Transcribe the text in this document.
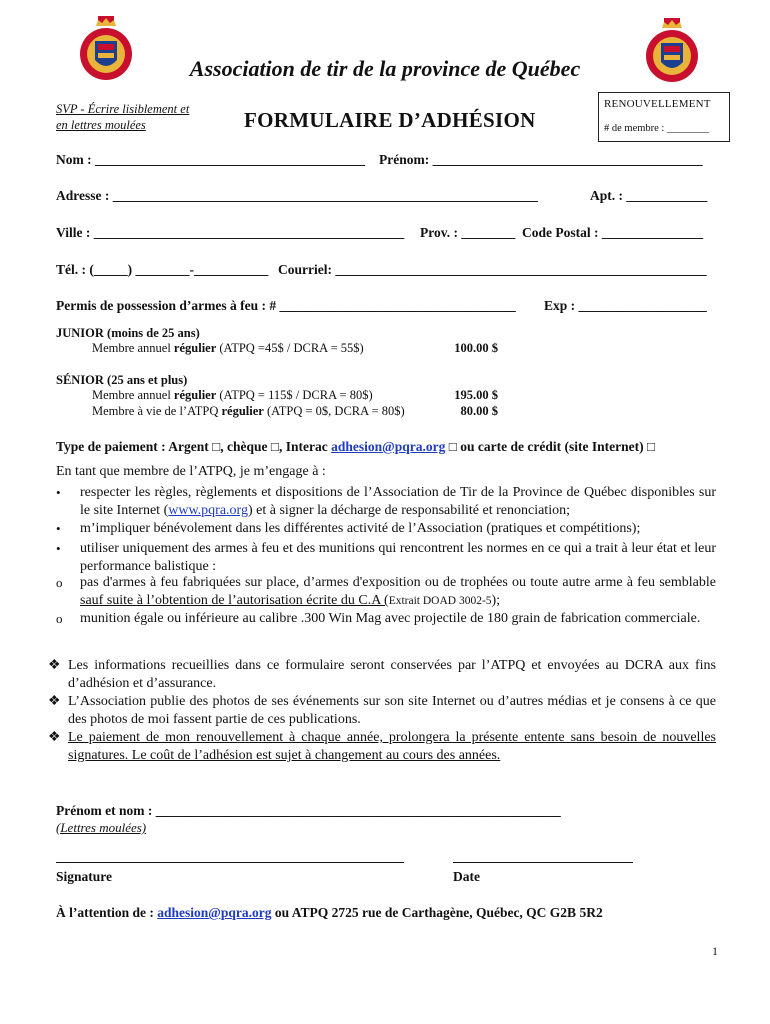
Association de tir de la province de Québec
SVP - Écrire lisiblement et
en lettres moulées	FORMULAIRE D’ADHÉSION
RENOUVELLEMENT
# de membre : ________
Nom : ________________________________________ Prénom: ________________________________________
Adresse : _______________________________________________________________	Apt. : ____________
Ville : ______________________________________________ Prov. : ________ Code Postal : _______________
Tél. : (_____) ________-___________ Courriel: _______________________________________________________
Permis de possession d’armes à feu : # ___________________________________ Exp : ___________________
JUNIOR (moins de 25 ans)
Membre annuel régulier (ATPQ =45$ / DCRA = 55$)	100.00 $
SÉNIOR (25 ans et plus)
Membre annuel régulier (ATPQ = 115$ / DCRA = 80$)	195.00 $
Membre à vie de l’ATPQ régulier (ATPQ = 0$, DCRA = 80$)	80.00 $
Type de paiement : Argent □, chèque □, Interac adhesion@pqra.org □ ou carte de crédit (site Internet) □
En tant que membre de l’ATPQ, je m’engage à :
•	respecter les règles, règlements et dispositions de l’Association de Tir de la Province de Québec disponibles sur le site Internet (www.pqra.org) et à signer la décharge de responsabilité et renonciation;
•	m’impliquer bénévolement dans les différentes activité de l’Association (pratiques et compétitions);
•	utiliser uniquement des armes à feu et des munitions qui rencontrent les normes en ce qui a trait à leur état et leur performance balistique :
o	pas d'armes à feu fabriquées sur place, d’armes d'exposition ou de trophées ou toute autre arme à feu semblable sauf suite à l’obtention de l’autorisation écrite du C.A (Extrait DOAD 3002-5);
o	munition égale ou inférieure au calibre .300 Win Mag avec projectile de 180 grain de fabrication commerciale.
❖ Les informations recueillies dans ce formulaire seront conservées par l’ATPQ et envoyées au DCRA aux fins d’adhésion et d’assurance.
❖ L’Association publie des photos de ses événements sur son site Internet ou d’autres médias et je consens à ce que des photos de moi fassent partie de ces publications.
❖ Le paiement de mon renouvellement à chaque année, prolongera la présente entente sans besoin de nouvelles signatures. Le coût de l’adhésion est sujet à changement au cours des années.
Prénom et nom : ____________________________________________________________
(Lettres moulées)
Signature	Date
À l’attention de : adhesion@pqra.org ou ATPQ 2725 rue de Carthagène, Québec, QC G2B 5R2
1
